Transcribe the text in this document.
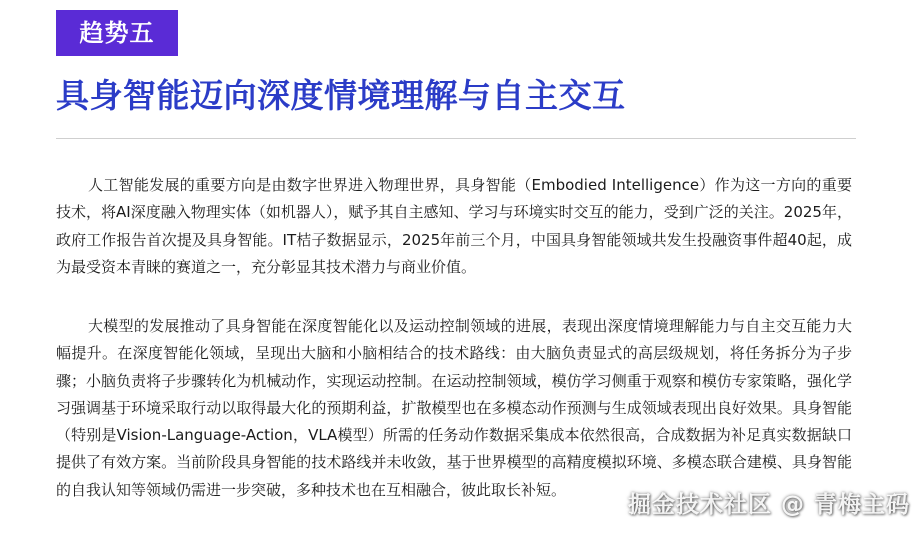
趋势五
具身智能迈向深度情境理解与自主交互

人工智能发展的重要方向是由数字世界进入物理世界，具身智能（Embodied Intelligence）作为这一方向的重要技术，将AI深度融入物理实体（如机器人），赋予其自主感知、学习与环境实时交互的能力，受到广泛的关注。2025年，政府工作报告首次提及具身智能。IT桔子数据显示，2025年前三个月，中国具身智能领域共发生投融资事件超40起，成为最受资本青睐的赛道之一，充分彰显其技术潜力与商业价值。

大模型的发展推动了具身智能在深度智能化以及运动控制领域的进展，表现出深度情境理解能力与自主交互能力大幅提升。在深度智能化领域，呈现出大脑和小脑相结合的技术路线：由大脑负责显式的高层级规划，将任务拆分为子步骤；小脑负责将子步骤转化为机械动作，实现运动控制。在运动控制领域，模仿学习侧重于观察和模仿专家策略，强化学习强调基于环境采取行动以取得最大化的预期利益，扩散模型也在多模态动作预测与生成领域表现出良好效果。具身智能（特别是Vision-Language-Action，VLA模型）所需的任务动作数据采集成本依然很高，合成数据为补足真实数据缺口提供了有效方案。当前阶段具身智能的技术路线并未收敛，基于世界模型的高精度模拟环境、多模态联合建模、具身智能的自我认知等领域仍需进一步突破，多种技术也在互相融合，彼此取长补短。

掘金技术社区 @ 青梅主码
